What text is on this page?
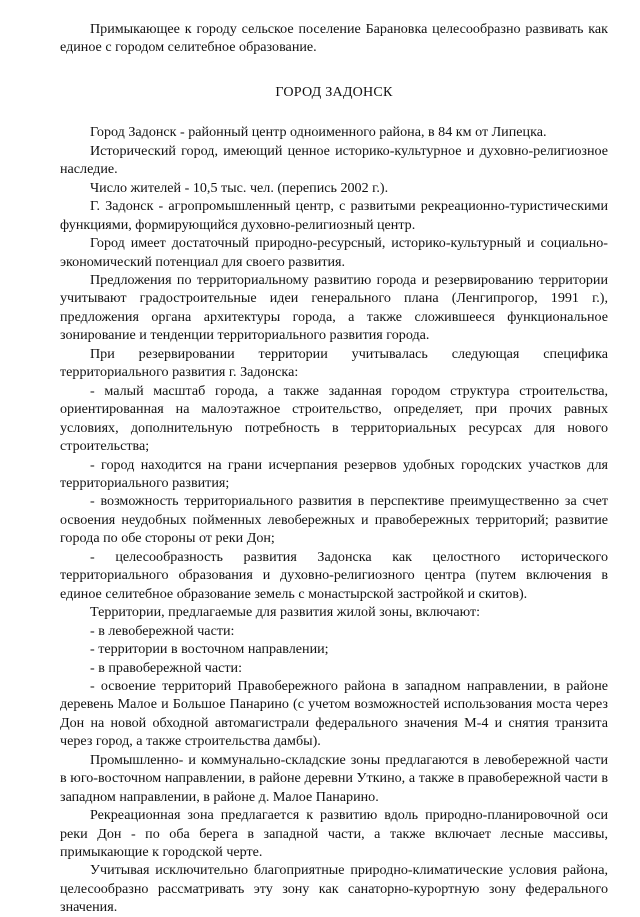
Примыкающее к городу сельское поселение Барановка целесообразно развивать как единое с городом селитебное образование.

ГОРОД ЗАДОНСК

Город Задонск - районный центр одноименного района, в 84 км от Липецка.

Исторический город, имеющий ценное историко-культурное и духовно-религиозное наследие.

Число жителей - 10,5 тыс. чел. (перепись 2002 г.).

Г. Задонск - агропромышленный центр, с развитыми рекреационно-туристическими функциями, формирующийся духовно-религиозный центр.

Город имеет достаточный природно-ресурсный, историко-культурный и социально-экономический потенциал для своего развития.

Предложения по территориальному развитию города и резервированию территории учитывают градостроительные идеи генерального плана (Ленгипрогор, 1991 г.), предложения органа архитектуры города, а также сложившееся функциональное зонирование и тенденции территориального развития города.

При резервировании территории учитывалась следующая специфика территориального развития г. Задонска:

- малый масштаб города, а также заданная городом структура строительства, ориентированная на малоэтажное строительство, определяет, при прочих равных условиях, дополнительную потребность в территориальных ресурсах для нового строительства;

- город находится на грани исчерпания резервов удобных городских участков для территориального развития;

- возможность территориального развития в перспективе преимущественно за счет освоения неудобных пойменных левобережных и правобережных территорий; развитие города по обе стороны от реки Дон;

- целесообразность развития Задонска как целостного исторического территориального образования и духовно-религиозного центра (путем включения в единое селитебное образование земель с монастырской застройкой и скитов).

Территории, предлагаемые для развития жилой зоны, включают:

- в левобережной части:

- территории в восточном направлении;

- в правобережной части:

- освоение территорий Правобережного района в западном направлении, в районе деревень Малое и Большое Панарино (с учетом возможностей использования моста через Дон на новой обходной автомагистрали федерального значения М-4 и снятия транзита через город, а также строительства дамбы).

Промышленно- и коммунально-складские зоны предлагаются в левобережной части в юго-восточном направлении, в районе деревни Уткино, а также в правобережной части в западном направлении, в районе д. Малое Панарино.

Рекреационная зона предлагается к развитию вдоль природно-планировочной оси реки Дон - по оба берега в западной части, а также включает лесные массивы, примыкающие к городской черте.

Учитывая исключительно благоприятные природно-климатические условия района, целесообразно рассматривать эту зону как санаторно-курортную зону федерального значения.
